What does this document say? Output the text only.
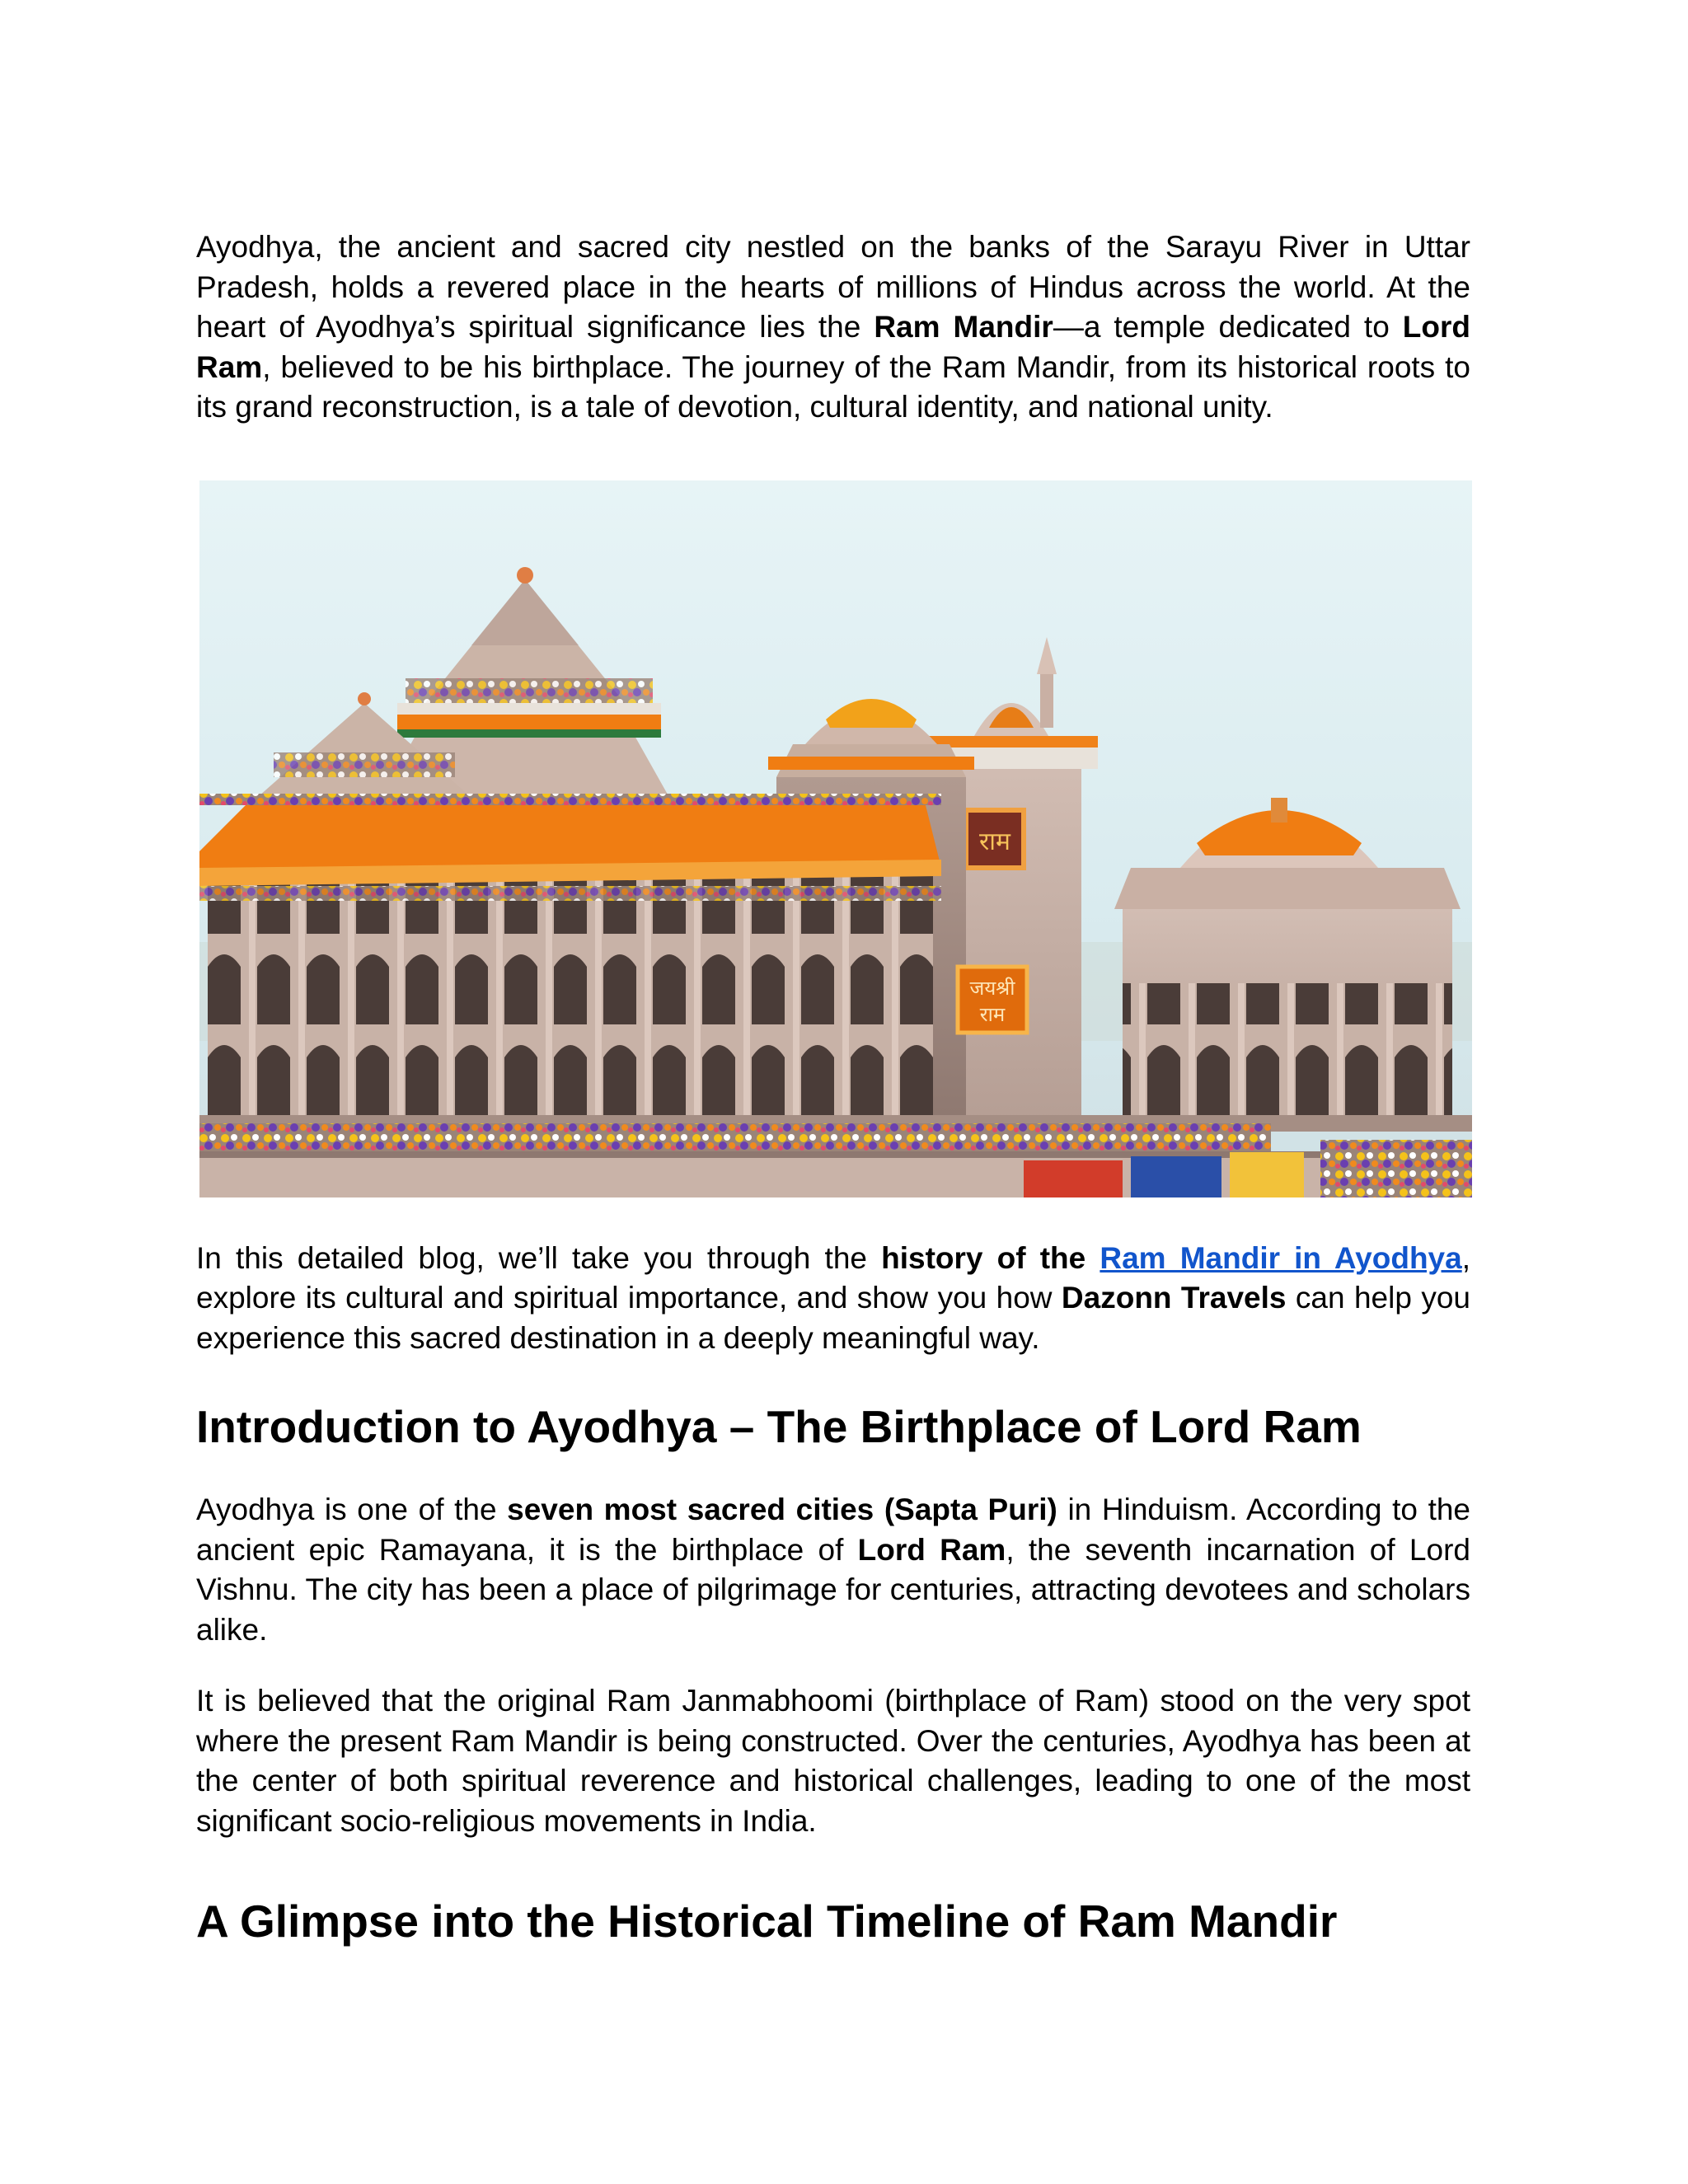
Ayodhya, the ancient and sacred city nestled on the banks of the Sarayu River in Uttar Pradesh, holds a revered place in the hearts of millions of Hindus across the world. At the heart of Ayodhya’s spiritual significance lies the Ram Mandir—a temple dedicated to Lord Ram, believed to be his birthplace. The journey of the Ram Mandir, from its historical roots to its grand reconstruction, is a tale of devotion, cultural identity, and national unity.

राम
जयश्री
राम

In this detailed blog, we’ll take you through the history of the Ram Mandir in Ayodhya, explore its cultural and spiritual importance, and show you how Dazonn Travels can help you experience this sacred destination in a deeply meaningful way.

Introduction to Ayodhya – The Birthplace of Lord Ram

Ayodhya is one of the seven most sacred cities (Sapta Puri) in Hinduism. According to the ancient epic Ramayana, it is the birthplace of Lord Ram, the seventh incarnation of Lord Vishnu. The city has been a place of pilgrimage for centuries, attracting devotees and scholars alike.

It is believed that the original Ram Janmabhoomi (birthplace of Ram) stood on the very spot where the present Ram Mandir is being constructed. Over the centuries, Ayodhya has been at the center of both spiritual reverence and historical challenges, leading to one of the most significant socio-religious movements in India.

A Glimpse into the Historical Timeline of Ram Mandir
